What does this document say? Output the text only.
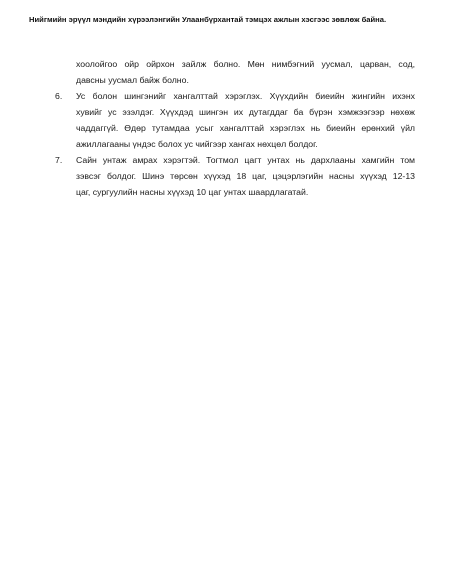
Нийгмийн эрүүл мэндийн хүрээлэнгийн Улаанбүрхантай тэмцэх ажлын хэсгээс зөвлөж байна.
хоолойгоо ойр ойрхон зайлж болно. Мөн нимбэгний уусмал, царван, сод,
давсны уусмал байж болно.
6. Ус болон шингэнийг хангалттай хэрэглэх. Хүүхдийн биеийн жингийн ихэнх
хувийг ус эзэлдэг. Хүүхдэд шингэн их дутагддаг ба бүрэн хэмжээгээр нөхөж
чаддаггүй. Өдөр тутамдаа усыг хангалттай хэрэглэх нь биеийн ерөнхий үйл
ажиллагааны үндэс болох ус чийгээр хангах нөхцөл болдог.
7. Сайн унтаж амрах хэрэгтэй. Тогтмол цагт унтах нь дархлааны хамгийн том
зэвсэг болдог. Шинэ төрсөн хүүхэд 18 цаг, цэцэрлэгийн насны хүүхэд 12-13
цаг, сургуулийн насны хүүхэд 10 цаг унтах шаардлагатай.
